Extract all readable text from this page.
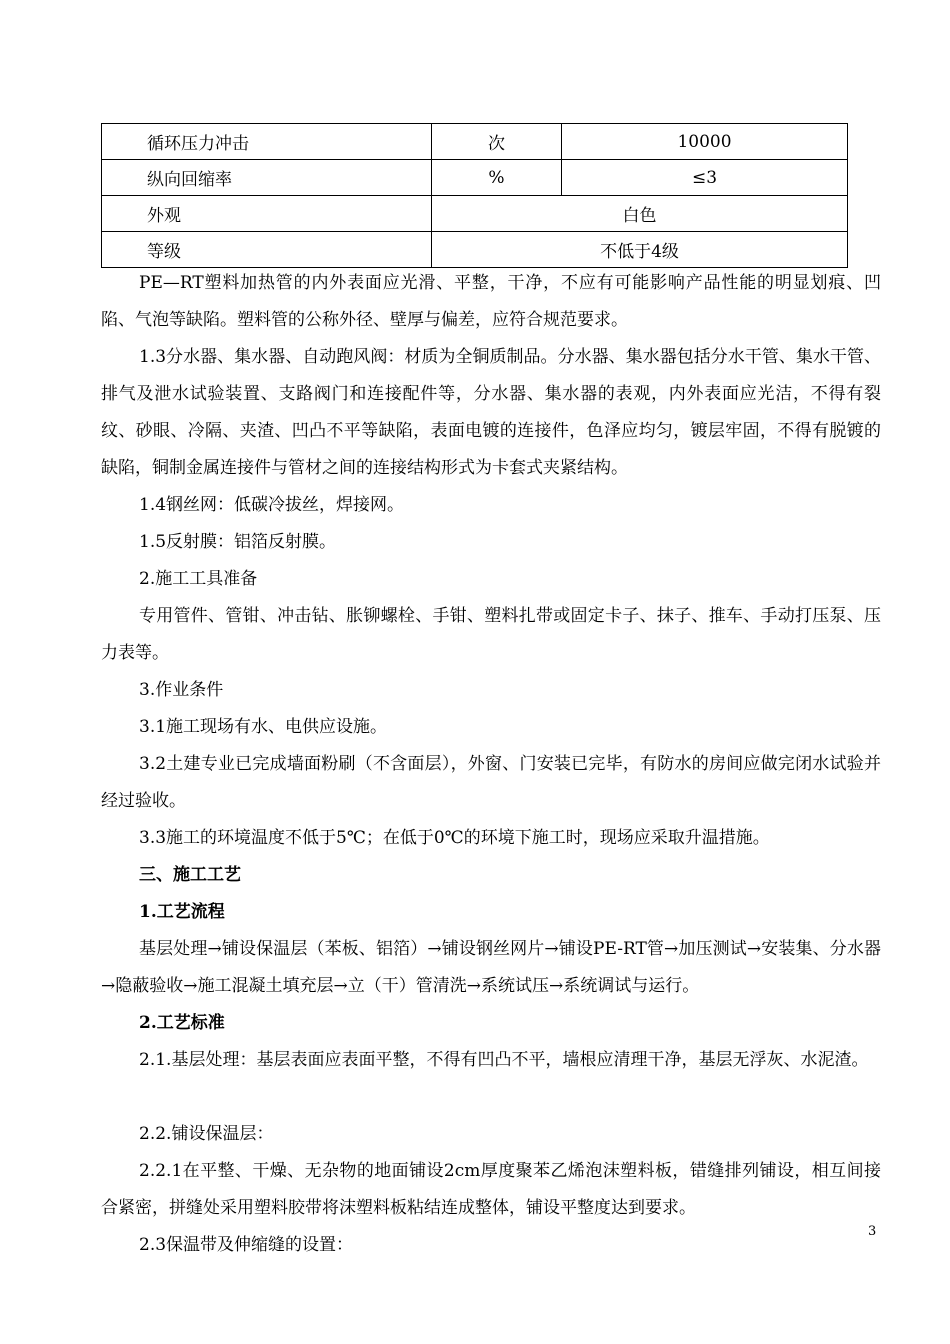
循环压力冲击	次	10000
纵向回缩率	%	≤3
外观	白色	
等级	不低于4级	

PE—RT塑料加热管的内外表面应光滑、平整，干净，不应有可能影响产品性能的明显划痕、凹陷、气泡等缺陷。塑料管的公称外径、壁厚与偏差，应符合规范要求。

1.3分水器、集水器、自动跑风阀：材质为全铜质制品。分水器、集水器包括分水干管、集水干管、排气及泄水试验装置、支路阀门和连接配件等，分水器、集水器的表观，内外表面应光洁，不得有裂纹、砂眼、冷隔、夹渣、凹凸不平等缺陷，表面电镀的连接件，色泽应均匀，镀层牢固，不得有脱镀的缺陷，铜制金属连接件与管材之间的连接结构形式为卡套式夹紧结构。

1.4钢丝网：低碳冷拔丝，焊接网。

1.5反射膜：铝箔反射膜。

2.施工工具准备

专用管件、管钳、冲击钻、胀铆螺栓、手钳、塑料扎带或固定卡子、抹子、推车、手动打压泵、压力表等。

3.作业条件

3.1施工现场有水、电供应设施。

3.2土建专业已完成墙面粉刷（不含面层），外窗、门安装已完毕，有防水的房间应做完闭水试验并经过验收。

3.3施工的环境温度不低于5℃；在低于0℃的环境下施工时，现场应采取升温措施。

三、施工工艺

1.工艺流程

基层处理→铺设保温层（苯板、铝箔）→铺设钢丝网片→铺设PE-RT管→加压测试→安装集、分水器→隐蔽验收→施工混凝土填充层→立（干）管清洗→系统试压→系统调试与运行。

2.工艺标准

2.1.基层处理：基层表面应表面平整，不得有凹凸不平，墙根应清理干净，基层无浮灰、水泥渣。

2.2.铺设保温层：

2.2.1在平整、干燥、无杂物的地面铺设2cm厚度聚苯乙烯泡沫塑料板，错缝排列铺设，相互间接合紧密，拼缝处采用塑料胶带将沫塑料板粘结连成整体，铺设平整度达到要求。

2.3保温带及伸缩缝的设置：

3
